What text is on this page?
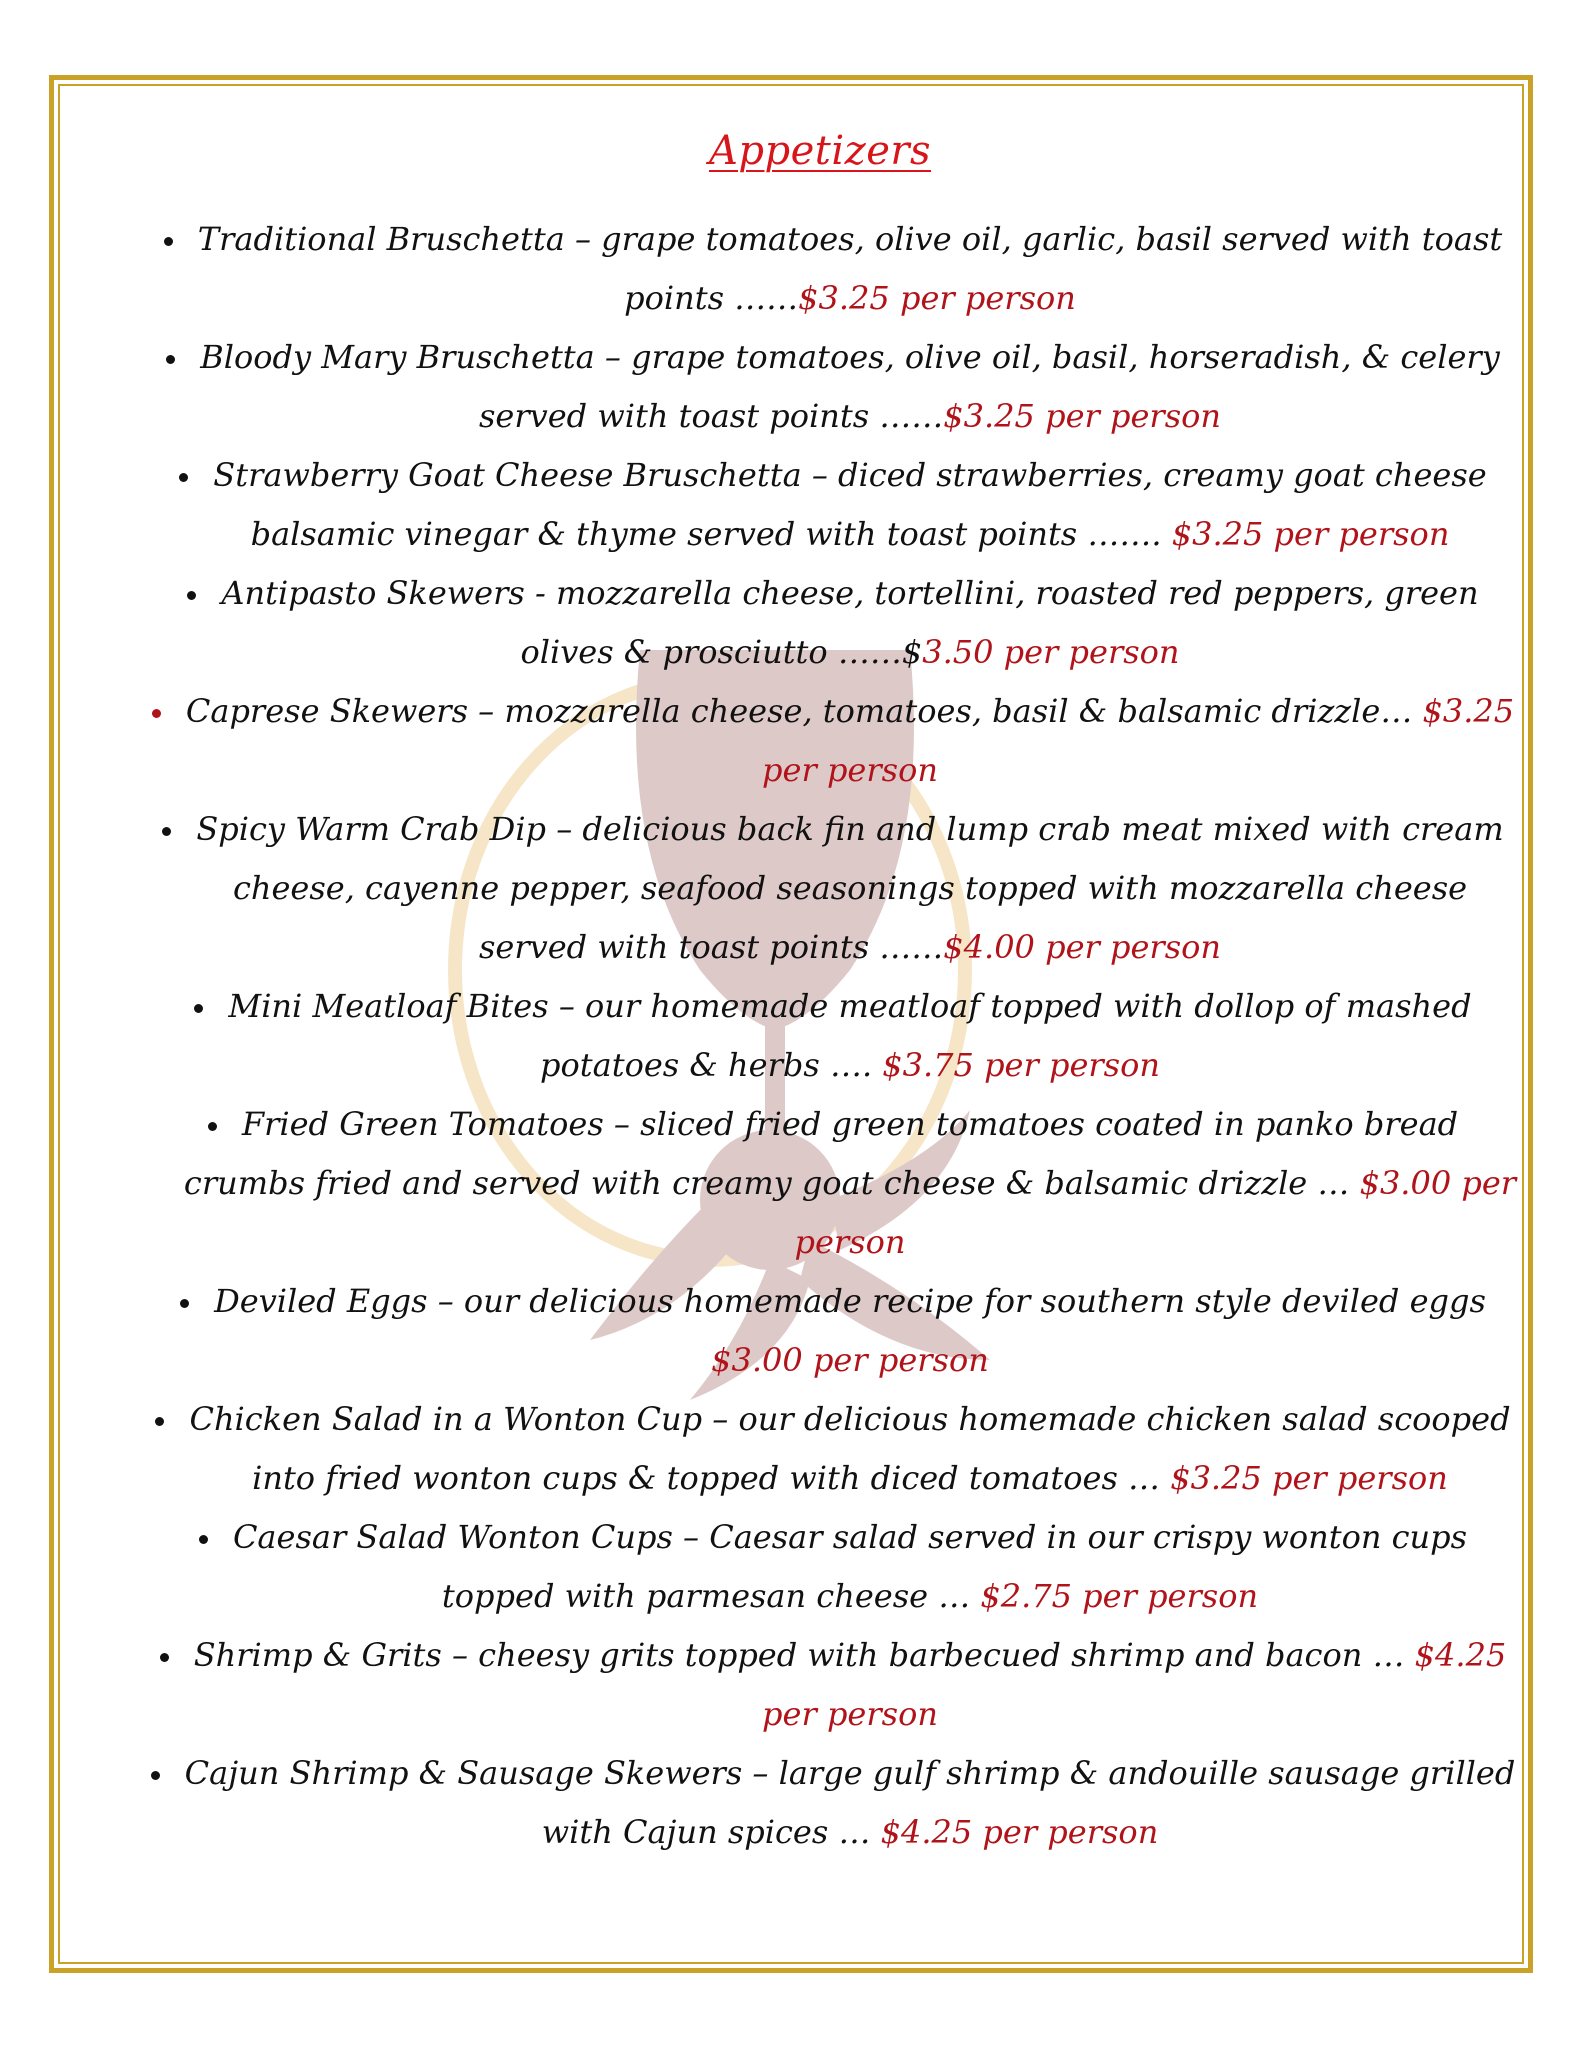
Appetizers
Traditional Bruschetta – grape tomatoes, olive oil, garlic, basil served with toast points ……$3.25 per person
Bloody Mary Bruschetta – grape tomatoes, olive oil, basil, horseradish, & celery served with toast points ……$3.25 per person
Strawberry Goat Cheese Bruschetta – diced strawberries, creamy goat cheese balsamic vinegar & thyme served with toast points ……. $3.25 per person
Antipasto Skewers - mozzarella cheese, tortellini, roasted red peppers, green olives & prosciutto ……$3.50 per person
Caprese Skewers – mozzarella cheese, tomatoes, basil & balsamic drizzle… $3.25 per person
Spicy Warm Crab Dip – delicious back fin and lump crab meat mixed with cream cheese, cayenne pepper, seafood seasonings topped with mozzarella cheese served with toast points ……$4.00 per person
Mini Meatloaf Bites – our homemade meatloaf topped with dollop of mashed potatoes & herbs …. $3.75 per person
Fried Green Tomatoes – sliced fried green tomatoes coated in panko bread crumbs fried and served with creamy goat cheese & balsamic drizzle … $3.00 per person
Deviled Eggs – our delicious homemade recipe for southern style deviled eggs $3.00 per person
Chicken Salad in a Wonton Cup – our delicious homemade chicken salad scooped into fried wonton cups & topped with diced tomatoes … $3.25 per person
Caesar Salad Wonton Cups – Caesar salad served in our crispy wonton cups topped with parmesan cheese … $2.75 per person
Shrimp & Grits – cheesy grits topped with barbecued shrimp and bacon … $4.25 per person
Cajun Shrimp & Sausage Skewers – large gulf shrimp & andouille sausage grilled with Cajun spices … $4.25 per person
